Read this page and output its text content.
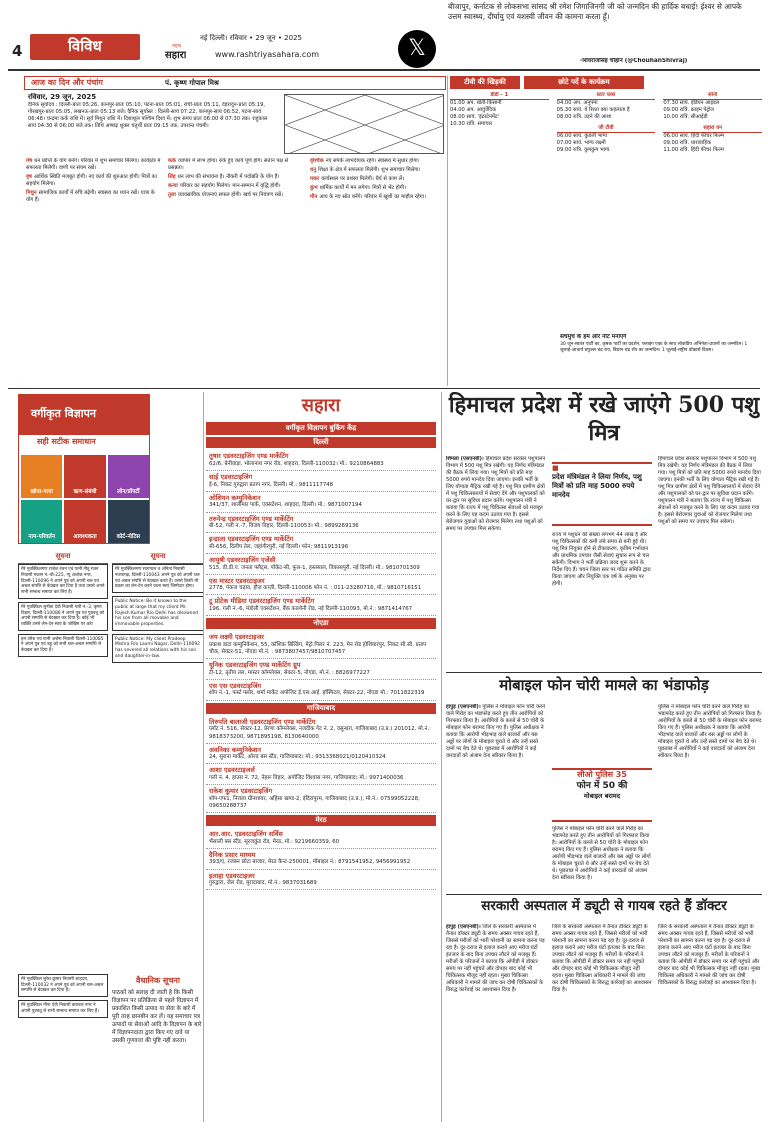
4	विविध	नई दिल्ली। रविवार • 29 जून • 2025
राष्ट्रीय
सहारा	www.rashtriyasahara.com	𝕏
बीजापुर, कर्नाटक से लोकसभा सांसद श्री रमेश जिगाजिनगी जी को जन्मदिन की हार्दिक बधाई! ईश्वर से आपके उत्तम स्वास्थ्य, दीर्घायु एवं यशस्वी जीवन की कामना करता हूँ।
-शिवराजसिंह चौहान (@ChouhanShivraj)
आज का दिन और पंचांग	पं. कृष्ण गोपाल मिश्र
रविवार, 29 जून, 2025
दैनिक सूर्योदय : दिल्ली-प्रातः 05:26, कानपुर-प्रातः 05:10, पटना-प्रातः 05:01, रांची-प्रातः 05:11, देहरादून-प्रातः 05:19, गोरखपुर-प्रातः 05:05, लखनऊ-प्रातः 05:13 बजे। दैनिक सूर्यास्त : दिल्ली-सायं 07:22, कानपुर-सायं 06:52, पटना-सायं 06:48। चन्द्रमा कर्क राशि में। सूर्य मिथुन राशि में। दिशाशूल पश्चिम दिशा में। शुभ समय प्रातः 06:00 से 07:30 तक। राहुकाल सायं 04:30 से 06:00 बजे तक। तिथि आषाढ़ शुक्ल चतुर्थी प्रातः 09:15 तक, उपरान्त पंचमी।
मेष धन प्राप्ति के योग बनेंगे। परिवार में शुभ समाचार मिलेगा। कार्यक्षेत्र में सफलता मिलेगी। वाणी पर संयम रखें।
वृष आर्थिक स्थिति मजबूत होगी। नए कार्य की शुरुआत होगी। मित्रों का सहयोग मिलेगा।
मिथुन सामाजिक कार्यों में रुचि बढ़ेगी। स्वास्थ्य का ध्यान रखें। यात्रा के योग हैं।
कर्क व्यापार में लाभ होगा। रुके हुए कार्य पूर्ण होंगे। संतान पक्ष से प्रसन्नता।
सिंह धन लाभ की संभावना है। नौकरी में पदोन्नति के योग हैं।
कन्या परिवार का सहयोग मिलेगा। मान-सम्मान में वृद्धि होगी।
तुला व्यावसायिक योजनाएं सफल होंगी। खर्च पर नियंत्रण रखें।
वृश्चिक नए संपर्क लाभदायक रहेंगे। स्वास्थ्य में सुधार होगा।
धनु शिक्षा के क्षेत्र में सफलता मिलेगी। शुभ समाचार मिलेगा।
मकर कार्यस्थल पर प्रशंसा मिलेगी। धैर्य से काम लें।
कुंभ धार्मिक कार्यों में मन लगेगा। मित्रों से भेंट होगी।
मीन आय के नए स्रोत बनेंगे। परिवार में खुशी का माहौल रहेगा।
टीवी की खिड़की	छोटे पर्दे के कार्यक्रम
डीडी - 1
01.00 अप. खेती-किसानी
04.00 अप. आयुर्वेदिक
08.00 सायं. 'इंटरटेनमेंट'
10.30 रात्रि. समाचार
स्टार प्लस
04.00 अप. अनुपमा
05.30 सायं. ये रिश्ता क्या कहलाता है
08.00 रात्रि. उड़ने की आशा
जी टीवी
06.00 सायं. कुंडली भाग्य
07.00 सायं. भाग्य लक्ष्मी
09.00 रात्रि. कुमकुम भाग्य
सोनी
07.30 सायं. इंडियन आइडल
09.00 रात्रि. क्राइम पेट्रोल
10.00 रात्रि. सीआईडी
सहारा वन
06.00 सायं. हिंदी फीचर फिल्म
09.00 रात्रि. धारावाहिक
11.00 रात्रि. हिंदी फीचर फिल्म
सचमुच के हम और नोट मनाएंगे
30 जून-स्वतंत्र पार्टी का, कृषक पार्टी का प्रदर्शन, फ्लाइंग एक्ट के साथ लोकप्रिय अभिनेता-प्रधानों का जन्मदिन। 1 जुलाई-आचार्य प्रफुल्ल चंद्र राय, बिधान चंद्र रॉय का जन्मदिन। 1 जुलाई-राष्ट्रीय डॉक्टर्स दिवस।
वर्गीकृत विज्ञापन
सही सटीक समाधान
खोया-पाया	ऋण-संबंधी	लोन/प्रॉपर्टी
नाम-परिवर्तन	आवश्यकता	कोर्ट-नोटिस
सहारा
वर्गीकृत विज्ञापन बुकिंग केंद्र
दिल्ली
तुषार एडवरटाइजिंग एण्ड मार्केटिंग
62/6, बेनीवाड़ा, भोलानाथ नगर रोड, शाहदरा, दिल्ली-110032। मो.: 9210864883
साई एडवरटाइजिंग
ई-6, निकट गुरुद्वारा प्रताप नगर, दिल्ली। मो.: 9811117748
ओशियन कम्युनिकेशन
341/37, शालीमार पार्क, एक्सटेंशन, शाहदरा, दिल्ली। मो.: 9871007194
तरुनेन्द्र एडवरटाइजिंग एण्ड मार्केटिंग
बी-52, गली न.-7, विजय विहार, दिल्ली-110053। मो.: 9899269136
इन्द्राला एडवरटाइजिंग एण्ड मार्केटिंग
सी-656, दिलीप तेल, जहांगीरपुरी, नई दिल्ली। फोन: 9811913196
आयुषी एडवरटाइजिंग एजेंसी
515, डी.डी.ए. जनता फ्लैट्स, पॉकेट-सी, फुल-1, हस्तसाल, विकासपुरी, नई दिल्ली। मो.: 9810701309
एस मास्टर एडवरटाइजर
2778, पंकज चढ़ाव, हौज़ काज़ी, दिल्ली-110006 फोन नं. : 011-23280716, मो.: 9810716151
टू प्रोटेक मीडिया एडवरटाइजिंग एण्ड मार्केटिंग
196, गली नं.-6, मंडोली एक्सटेंशन, बैंक कालोनी रोड, नई दिल्ली-110093, मो.नं.: 9871414767
नोएडा
जय लक्ष्मी एडवरटाइजर
प्रकाश डाटा कम्युनिकेशन, 55, कॉशिक बिल्डिंग, मेट्रो पिलर नं. 223, मेन रोड होशियारपुर, निकट सी.सी. प्रताप चौक, सेक्टर-51, नोएडा मो.नं. : 9873807457/9810707457
यूनिक एडवरटाइजिंग एण्ड मार्केटिंग ग्रुप
टी-12, तृतीय तल, मास्टर कॉम्प्लेक्स, सेक्टर-5, नोएडा, मो.नं. : 8826977227
एस एस एडवरटाइजिंग
शॉप नं.-1, फर्स्ट फ्लोर, शर्मा मार्केट अपोजिट ई.एस.आई. हॉस्पिटल, सेक्टर-22, नोएडा मो.: 7011822319
गाजियाबाद
तिरुपति बालाजी एडवरटाइजिंग एण्ड मार्केटिंग
प्लॉट नं. 516, सेक्टर-12, प्रेरणा कॉम्प्लेक्स, नजदीक गेट नं. 2, वसुन्धरा, गाजियाबाद (उ.प्र.) 201012, मो.नं.: 9818373200, 9871895198, 8130640000
अवनिका कम्युनिकेशन
24, सुराना मार्केट, ओल्ड बस स्टैंड, गाजियाबाद। मो.: 9313368021/0120410324
आशा एडवरटाइजर्स
गली नं. 4, हाउस नं. 72, नेहरू विहार, अपोजिट विश्वास नगर, गाजियाबाद। मो.: 9971400036
राकेश कुमार एडवरटाइजिंग
शॉप-एफ1, निराला ग्रीनशायर, अहिंसा खण्ड-2, इंदिरापुरम, गाजियाबाद (उ.प्र.), मो.नं.: 07599052228, 09650288737
मेरठ
आर.आर. एडवरटाइजिंग सर्विस
भैंसाली बस स्टैंड, सूरजकुंड रोड, मेरठ, मो.: 9219660359, 60
दैनिक प्रसार माध्यम
393/ए, रजबन छोटा बाजार, मेरठ कैन्ट-250001, मोबाइल नं.: 8791541952, 9456991952
इलाहा एडवरटाइजर
गुरुद्वारा, जेल रोड, मुरादाबाद, मो.नं.: 9837031689
सूचना
मेरे मुवक्किलगण राजेश रंजन एवं पत्नी नीतू रंजन निवासी मकान नं.-बी-225, न्यू अशोक नगर, दिल्ली-110096 ने अपने पुत्र को अपनी चल एवं अचल संपत्ति से बेदखल कर दिया है तथा उससे अपने सभी सम्बन्ध समाप्त कर लिए हैं।
मेरे मुवक्किल सुनीता देवी निवासी गली नं.-3, कृष्ण विहार, दिल्ली-110086 ने अपने पुत्र एवं पुत्रवधू को अपनी सम्पत्ति से बेदखल कर दिया है। कोई भी व्यक्ति उनसे लेन-देन स्वयं के जोखिम पर करे।
हम उमेश एवं पत्नी अर्चना निवासी दिल्ली-110085 ने अपने पुत्र एवं बहू को सभी चल-अचल सम्पत्ति से बेदखल कर दिया है।
सूचना
मेरे मुवक्किलगण सत्यपाल व अनिता निवासी नजफगढ़, दिल्ली-110043 अपने पुत्र को अपनी चल एवं अचल संपत्ति से बेदखल करते हैं। उससे किसी भी प्रकार का लेन-देन करने वाला स्वयं जिम्मेदार होगा।
Public Notice: Be it known to the public at large that my client Mr. Rajesh Kumar R/o Delhi has disowned his son from all movable and immovable properties.
Public Notice: My client Pradeep Mishra R/o Laxmi Nagar, Delhi-110092 has severed all relations with his son and daughter-in-law.
मेरे मुवक्किल सुरेश कुमार निवासी शाहदरा, दिल्ली-110032 ने अपने पुत्र को अपनी चल-अचल सम्पत्ति से बेदखल कर दिया है।
मेरे मुवक्किल मीना देवी निवासी करावल नगर ने अपनी पुत्रवधू से सभी सम्बन्ध समाप्त कर लिए हैं।
वैधानिक सूचना
पाठकों को सलाह दी जाती है कि किसी विज्ञापन पर प्रतिक्रिया से पहले विज्ञापन में प्रकाशित किसी उत्पाद या सेवा के बारे में पूरी तरह छानबीन कर लें। यह समाचार पत्र उत्पादों या सेवाओं आदि के विज्ञापन के बारे में विज्ञापनदाता द्वारा किए गए दावे या उसकी गुणवत्ता की पुष्टि नहीं करता।
हिमाचल प्रदेश में रखे जाएंगे 500 पशु मित्र
शिमला (एसएनबी)। हिमाचल प्रदेश सरकार पशुपालन विभाग में 500 पशु मित्र रखेगी। यह निर्णय मंत्रिमंडल की बैठक में लिया गया। पशु मित्रों को प्रति माह 5000 रुपये मानदेय दिया जाएगा। इनकी भर्ती के लिए योग्यता मैट्रिक रखी गई है। पशु मित्र ग्रामीण क्षेत्रों में पशु चिकित्सालयों में सेवाएं देंगे और पशुपालकों को घर-द्वार पर सुविधा प्रदान करेंगे। पशुपालन मंत्री ने बताया कि राज्य में पशु चिकित्सा सेवाओं को मजबूत करने के लिए यह कदम उठाया गया है। इससे बेरोजगार युवाओं को रोजगार मिलेगा तथा पशुओं को समय पर उपचार मिल सकेगा।
■
प्रदेश मंत्रिमंडल ने लिया निर्णय, पशु मित्रों को प्रति माह 5000 रुपये मानदेय
राज्य में पशुधन की संख्या लगभग 44 लाख है और पशु चिकित्सकों की कमी लंबे समय से बनी हुई थी। पशु मित्र नियुक्त होने से टीकाकरण, कृत्रिम गर्भाधान और प्राथमिक उपचार जैसी सेवाएं सुचारु रूप से चल सकेंगी। विभाग ने भर्ती प्रक्रिया जल्द शुरू करने के निर्देश दिए हैं। चयन जिला स्तर पर गठित समिति द्वारा किया जाएगा और नियुक्ति एक वर्ष के अनुबंध पर होगी।
हिमाचल प्रदेश सरकार पशुपालन विभाग में 500 पशु मित्र रखेगी। यह निर्णय मंत्रिमंडल की बैठक में लिया गया। पशु मित्रों को प्रति माह 5000 रुपये मानदेय दिया जाएगा। इनकी भर्ती के लिए योग्यता मैट्रिक रखी गई है। पशु मित्र ग्रामीण क्षेत्रों में पशु चिकित्सालयों में सेवाएं देंगे और पशुपालकों को घर-द्वार पर सुविधा प्रदान करेंगे। पशुपालन मंत्री ने बताया कि राज्य में पशु चिकित्सा सेवाओं को मजबूत करने के लिए यह कदम उठाया गया है। इससे बेरोजगार युवाओं को रोजगार मिलेगा तथा पशुओं को समय पर उपचार मिल सकेगा।
मोबाइल फोन चोरी मामले का भंडाफोड़
हापुड़ (एसएनबी)। पुलिस ने मोबाइल फोन चोरी करने वाले गिरोह का भंडाफोड़ करते हुए तीन आरोपियों को गिरफ्तार किया है। आरोपियों के कब्जे से 50 चोरी के मोबाइल फोन बरामद किए गए हैं। पुलिस अधीक्षक ने बताया कि आरोपी भीड़भाड़ वाले बाजारों और बस अड्डों पर लोगों के मोबाइल चुराते थे और उन्हें सस्ते दामों पर बेच देते थे। पूछताछ में आरोपियों ने कई वारदातों को अंजाम देना स्वीकार किया है।
सीओ पुलिस 35
फोन में 50 की
मोबाइल बरामद
पुलिस ने मोबाइल फोन चोरी करने वाले गिरोह का भंडाफोड़ करते हुए तीन आरोपियों को गिरफ्तार किया है। आरोपियों के कब्जे से 50 चोरी के मोबाइल फोन बरामद किए गए हैं। पुलिस अधीक्षक ने बताया कि आरोपी भीड़भाड़ वाले बाजारों और बस अड्डों पर लोगों के मोबाइल चुराते थे और उन्हें सस्ते दामों पर बेच देते थे। पूछताछ में आरोपियों ने कई वारदातों को अंजाम देना स्वीकार किया है।
पुलिस ने मोबाइल फोन चोरी करने वाले गिरोह का भंडाफोड़ करते हुए तीन आरोपियों को गिरफ्तार किया है। आरोपियों के कब्जे से 50 चोरी के मोबाइल फोन बरामद किए गए हैं। पुलिस अधीक्षक ने बताया कि आरोपी भीड़भाड़ वाले बाजारों और बस अड्डों पर लोगों के मोबाइल चुराते थे और उन्हें सस्ते दामों पर बेच देते थे। पूछताछ में आरोपियों ने कई वारदातों को अंजाम देना स्वीकार किया है।
सरकारी अस्पताल में ड्यूटी से गायब रहते हैं डॉक्टर
हापुड़ (एसएनबी)। जिले के सरकारी अस्पताल में तैनात डॉक्टर ड्यूटी के समय अक्सर गायब रहते हैं, जिससे मरीजों को भारी परेशानी का सामना करना पड़ रहा है। दूर-दराज से इलाज कराने आए मरीज घंटों इंतजार के बाद बिना उपचार लौटने को मजबूर हैं। मरीजों के परिजनों ने बताया कि ओपीडी में डॉक्टर समय पर नहीं पहुंचते और दोपहर बाद कोई भी चिकित्सक मौजूद नहीं रहता। मुख्य चिकित्सा अधिकारी ने मामले की जांच कर दोषी चिकित्सकों के विरुद्ध कार्रवाई का आश्वासन दिया है।
जिले के सरकारी अस्पताल में तैनात डॉक्टर ड्यूटी के समय अक्सर गायब रहते हैं, जिससे मरीजों को भारी परेशानी का सामना करना पड़ रहा है। दूर-दराज से इलाज कराने आए मरीज घंटों इंतजार के बाद बिना उपचार लौटने को मजबूर हैं। मरीजों के परिजनों ने बताया कि ओपीडी में डॉक्टर समय पर नहीं पहुंचते और दोपहर बाद कोई भी चिकित्सक मौजूद नहीं रहता। मुख्य चिकित्सा अधिकारी ने मामले की जांच कर दोषी चिकित्सकों के विरुद्ध कार्रवाई का आश्वासन दिया है।
जिले के सरकारी अस्पताल में तैनात डॉक्टर ड्यूटी के समय अक्सर गायब रहते हैं, जिससे मरीजों को भारी परेशानी का सामना करना पड़ रहा है। दूर-दराज से इलाज कराने आए मरीज घंटों इंतजार के बाद बिना उपचार लौटने को मजबूर हैं। मरीजों के परिजनों ने बताया कि ओपीडी में डॉक्टर समय पर नहीं पहुंचते और दोपहर बाद कोई भी चिकित्सक मौजूद नहीं रहता। मुख्य चिकित्सा अधिकारी ने मामले की जांच कर दोषी चिकित्सकों के विरुद्ध कार्रवाई का आश्वासन दिया है।
